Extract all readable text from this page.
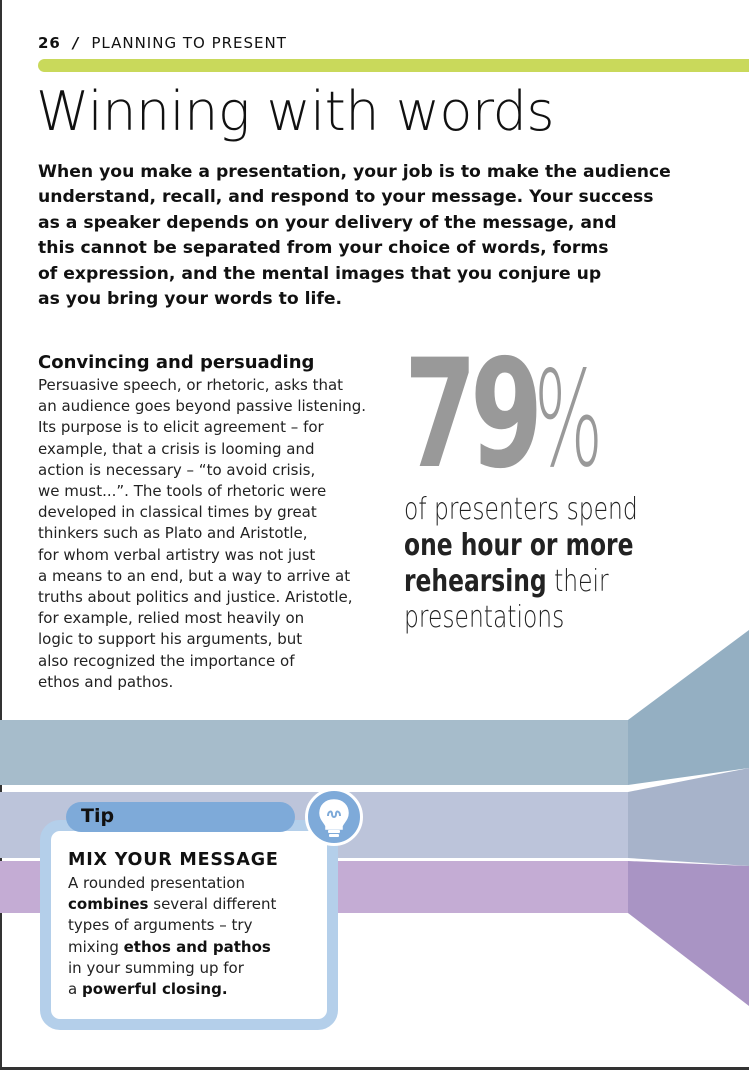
26 / PLANNING TO PRESENT
Winning with words
When you make a presentation, your job is to make the audience
understand, recall, and respond to your message. Your success
as a speaker depends on your delivery of the message, and
this cannot be separated from your choice of words, forms
of expression, and the mental images that you conjure up
as you bring your words to life.
Convincing and persuading
Persuasive speech, or rhetoric, asks that
an audience goes beyond passive listening.
Its purpose is to elicit agreement – for
example, that a crisis is looming and
action is necessary – “to avoid crisis,
we must...”. The tools of rhetoric were
developed in classical times by great
thinkers such as Plato and Aristotle,
for whom verbal artistry was not just
a means to an end, but a way to arrive at
truths about politics and justice. Aristotle,
for example, relied most heavily on
logic to support his arguments, but
also recognized the importance of
ethos and pathos.
79
%
of presenters spend
one hour or more
rehearsing their
presentations
Tip
MIX YOUR MESSAGE
A rounded presentation
combines several different
types of arguments – try
mixing ethos and pathos
in your summing up for
a powerful closing.
